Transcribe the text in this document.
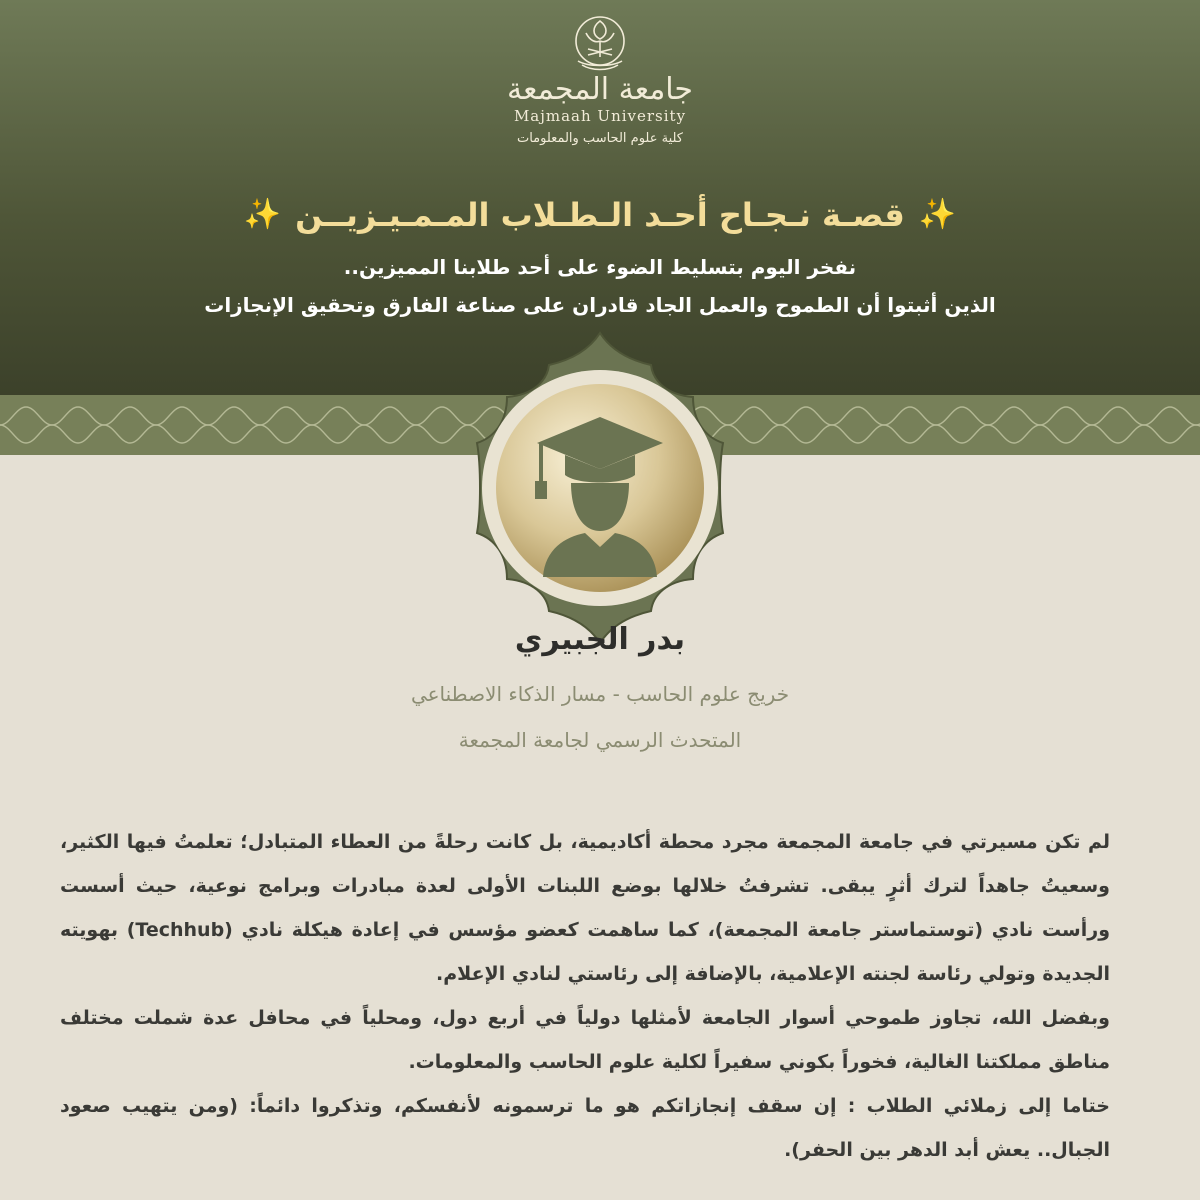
جامعة المجمعة
Majmaah University
كلية علوم الحاسب والمعلومات
✨
قصـة نـجـاح أحـد الـطـلاب المـمـيـزيــن
✨
نفخر اليوم بتسليط الضوء على أحد طلابنا المميزين..
الذين أثبتوا أن الطموح والعمل الجاد قادران على صناعة الفارق وتحقيق الإنجازات
بدر الجبيري
خريج علوم الحاسب - مسار الذكاء الاصطناعي
المتحدث الرسمي لجامعة المجمعة

لم تكن مسيرتي في جامعة المجمعة مجرد محطة أكاديمية، بل كانت رحلةً من العطاء المتبادل؛ تعلمتُ فيها الكثير، وسعيتُ جاهداً لترك أثرٍ يبقى. تشرفتُ خلالها بوضع اللبنات الأولى لعدة مبادرات وبرامج نوعية، حيث أسست ورأست نادي (توستماستر جامعة المجمعة)، كما ساهمت كعضو مؤسس في إعادة هيكلة نادي (Techhub) بهويته الجديدة وتولي رئاسة لجنته الإعلامية، بالإضافة إلى رئاستي لنادي الإعلام.

وبفضل الله، تجاوز طموحي أسوار الجامعة لأمثلها دولياً في أربع دول، ومحلياً في محافل عدة شملت مختلف مناطق مملكتنا الغالية، فخوراً بكوني سفيراً لكلية علوم الحاسب والمعلومات.

ختاما إلى زملائي الطلاب : إن سقف إنجازاتكم هو ما ترسمونه لأنفسكم، وتذكروا دائماً: (ومن يتهيب صعود الجبال.. يعش أبد الدهر بين الحفر).
